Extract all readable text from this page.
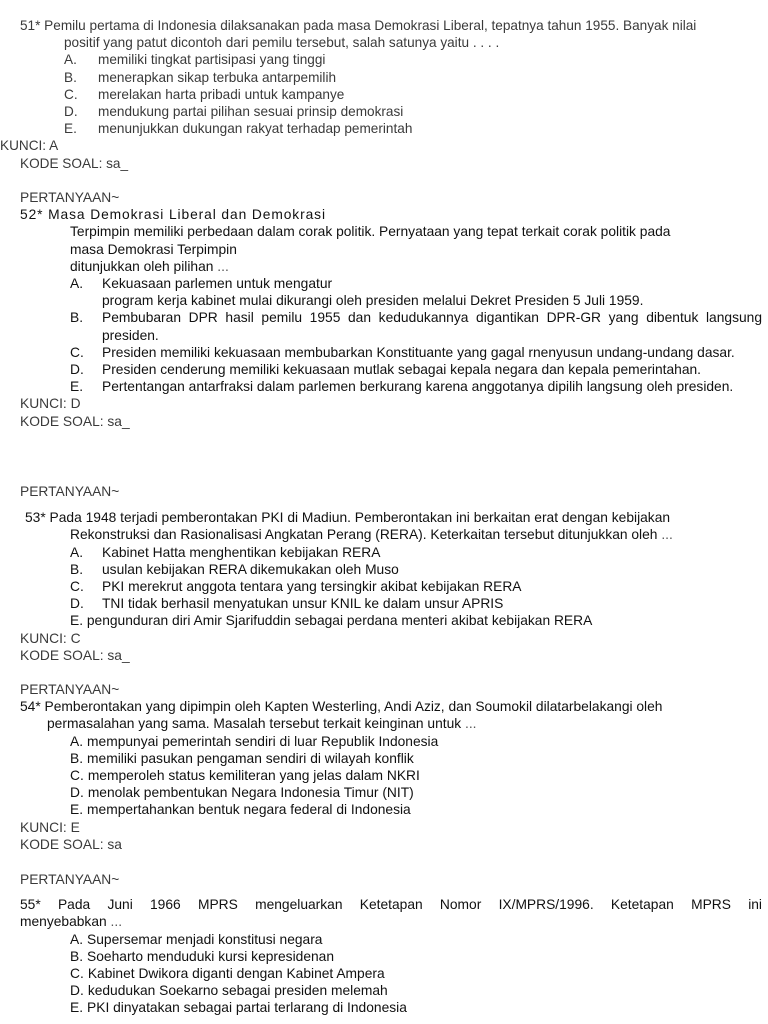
51* Pemilu pertama di Indonesia dilaksanakan pada masa Demokrasi Liberal, tepatnya tahun 1955. Banyak nilai
positif yang patut dicontoh dari pemilu tersebut, salah satunya yaitu . . . .
A.	memiliki tingkat partisipasi yang tinggi
B.	menerapkan sikap terbuka antarpemilih
C.	merelakan harta pribadi untuk kampanye
D.	mendukung partai pilihan sesuai prinsip demokrasi
E.	menunjukkan dukungan rakyat terhadap pemerintah
KUNCI: A
KODE SOAL: sa_
PERTANYAAN~
52* Masa Demokrasi Liberal dan Demokrasi
Terpimpin memiliki perbedaan dalam corak politik. Pernyataan yang tepat terkait corak politik pada
masa Demokrasi Terpimpin
ditunjukkan oleh pilihan ...
A.	Kekuasaan parlemen untuk mengatur
program kerja kabinet mulai dikurangi oleh presiden melalui Dekret Presiden 5 Juli 1959.
B.	Pembubaran DPR hasil pemilu 1955 dan kedudukannya digantikan DPR-GR yang dibentuk langsung presiden.
C.	Presiden memiliki kekuasaan membubarkan Konstituante yang gagal rnenyusun undang-undang dasar.
D.	Presiden cenderung memiliki kekuasaan mutlak sebagai kepala negara dan kepala pemerintahan.
E.	Pertentangan antarfraksi dalam parlemen berkurang karena anggotanya dipilih langsung oleh presiden.
KUNCI: D
KODE SOAL: sa_
PERTANYAAN~
53* Pada 1948 terjadi pemberontakan PKI di Madiun. Pemberontakan ini berkaitan erat dengan kebijakan
Rekonstruksi dan Rasionalisasi Angkatan Perang (RERA). Keterkaitan tersebut ditunjukkan oleh ...
A.	Kabinet Hatta menghentikan kebijakan RERA
B.	usulan kebijakan RERA dikemukakan oleh Muso
C.	PKI merekrut anggota tentara yang tersingkir akibat kebijakan RERA
D.	TNI tidak berhasil menyatukan unsur KNIL ke dalam unsur APRIS
E. pengunduran diri Amir Sjarifuddin sebagai perdana menteri akibat kebijakan RERA
KUNCI: C
KODE SOAL: sa_
PERTANYAAN~
54* Pemberontakan yang dipimpin oleh Kapten Westerling, Andi Aziz, dan Soumokil dilatarbelakangi oleh
permasalahan yang sama. Masalah tersebut terkait keinginan untuk ...
A. mempunyai pemerintah sendiri di luar Republik Indonesia
B. memiliki pasukan pengaman sendiri di wilayah konflik
C. memperoleh status kemiliteran yang jelas dalam NKRI
D. menolak pembentukan Negara Indonesia Timur (NIT)
E. mempertahankan bentuk negara federal di Indonesia
KUNCI: E
KODE SOAL: sa
PERTANYAAN~
55* Pada Juni 1966 MPRS mengeluarkan Ketetapan Nomor IX/MPRS/1996. Ketetapan MPRS ini
menyebabkan ...
A. Supersemar menjadi konstitusi negara
B. Soeharto menduduki kursi kepresidenan
C. Kabinet Dwikora diganti dengan Kabinet Ampera
D. kedudukan Soekarno sebagai presiden melemah
E. PKI dinyatakan sebagai partai terlarang di Indonesia
